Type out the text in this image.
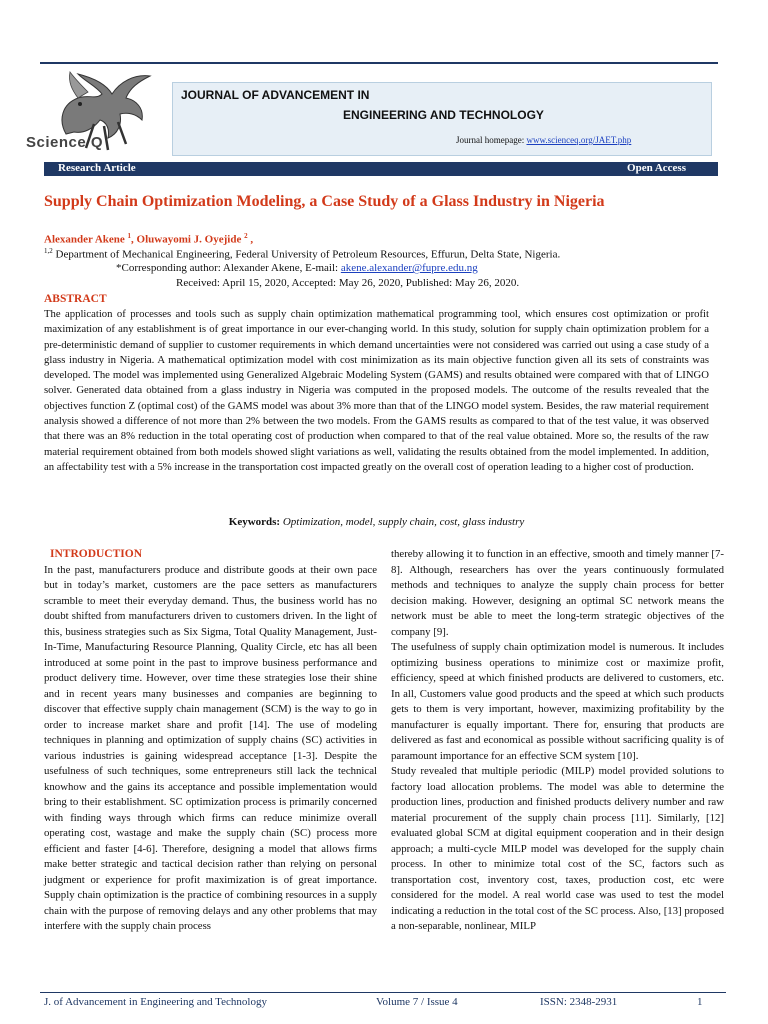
Science Q
JOURNAL OF ADVANCEMENT IN
ENGINEERING AND TECHNOLOGY
Journal homepage: www.scienceq.org/JAET.php
Research Article	Open Access
Supply Chain Optimization Modeling, a Case Study of a Glass Industry in Nigeria
Alexander Akene $^1$, Oluwayomi J. Oyejide $^2$ ,
$^{1,2}$ Department of Mechanical Engineering, Federal University of Petroleum Resources, Effurun, Delta State, Nigeria.
*Corresponding author: Alexander Akene, E-mail: akene.alexander@fupre.edu.ng
Received: April 15, 2020, Accepted: May 26, 2020, Published: May 26, 2020.
ABSTRACT

The application of processes and tools such as supply chain optimization mathematical programming tool, which ensures cost optimization or profit maximization of any establishment is of great importance in our ever-changing world. In this study, solution for supply chain optimization problem for a pre-deterministic demand of supplier to customer requirements in which demand uncertainties were not considered was carried out using a case study of a glass industry in Nigeria. A mathematical optimization model with cost minimization as its main objective function given all its sets of constraints was developed. The model was implemented using Generalized Algebraic Modeling System (GAMS) and results obtained were compared with that of LINGO solver. Generated data obtained from a glass industry in Nigeria was computed in the proposed models. The outcome of the results revealed that the objectives function Z (optimal cost) of the GAMS model was about 3% more than that of the LINGO model system. Besides, the raw material requirement analysis showed a difference of not more than 2% between the two models. From the GAMS results as compared to that of the test value, it was observed that there was an 8% reduction in the total operating cost of production when compared to that of the real value obtained. More so, the results of the raw material requirement obtained from both models showed slight variations as well, validating the results obtained from the model implemented. In addition, an affectability test with a 5% increase in the transportation cost impacted greatly on the overall cost of operation leading to a higher cost of production.

Keywords: Optimization, model, supply chain, cost, glass industry
INTRODUCTION
In the past, manufacturers produce and distribute goods at their own pace but in today’s market, customers are the pace setters as manufacturers scramble to meet their everyday demand. Thus, the business world has no doubt shifted from manufacturers driven to customers driven. In the light of this, business strategies such as Six Sigma, Total Quality Management, Just-In-Time, Manufacturing Resource Planning, Quality Circle, etc has all been introduced at some point in the past to improve business performance and product delivery time. However, over time these strategies lose their shine and in recent years many businesses and companies are beginning to discover that effective supply chain management (SCM) is the way to go in order to increase market share and profit [14]. The use of modeling techniques in planning and optimization of supply chains (SC) activities in various industries is gaining widespread acceptance [1-3]. Despite the usefulness of such techniques, some entrepreneurs still lack the technical knowhow and the gains its acceptance and possible implementation would bring to their establishment. SC optimization process is primarily concerned with finding ways through which firms can reduce minimize overall operating cost, wastage and make the supply chain (SC) process more efficient and faster [4-6]. Therefore, designing a model that allows firms make better strategic and tactical decision rather than relying on personal judgment or experience for profit maximization is of great importance. Supply chain optimization is the practice of combining resources in a supply chain with the purpose of removing delays and any other problems that may interfere with the supply chain process
thereby allowing it to function in an effective, smooth and timely manner [7-8]. Although, researchers has over the years continuously formulated methods and techniques to analyze the supply chain process for better decision making. However, designing an optimal SC network means the network must be able to meet the long-term strategic objectives of the company [9].
The usefulness of supply chain optimization model is numerous. It includes optimizing business operations to minimize cost or maximize profit, efficiency, speed at which finished products are delivered to customers, etc. In all, Customers value good products and the speed at which such products gets to them is very important, however, maximizing profitability by the manufacturer is equally important. There for, ensuring that products are delivered as fast and economical as possible without sacrificing quality is of paramount importance for an effective SCM system [10].
Study revealed that multiple periodic (MILP) model provided solutions to factory load allocation problems. The model was able to determine the production lines, production and finished products delivery number and raw material procurement of the supply chain process [11]. Similarly, [12] evaluated global SCM at digital equipment cooperation and in their design approach; a multi-cycle MILP model was developed for the supply chain process. In other to minimize total cost of the SC, factors such as transportation cost, inventory cost, taxes, production cost, etc were considered for the model. A real world case was used to test the model indicating a reduction in the total cost of the SC process. Also, [13] proposed a non-separable, nonlinear, MILP
J. of Advancement in Engineering and Technology	Volume 7 / Issue 4	ISSN: 2348-2931	1
